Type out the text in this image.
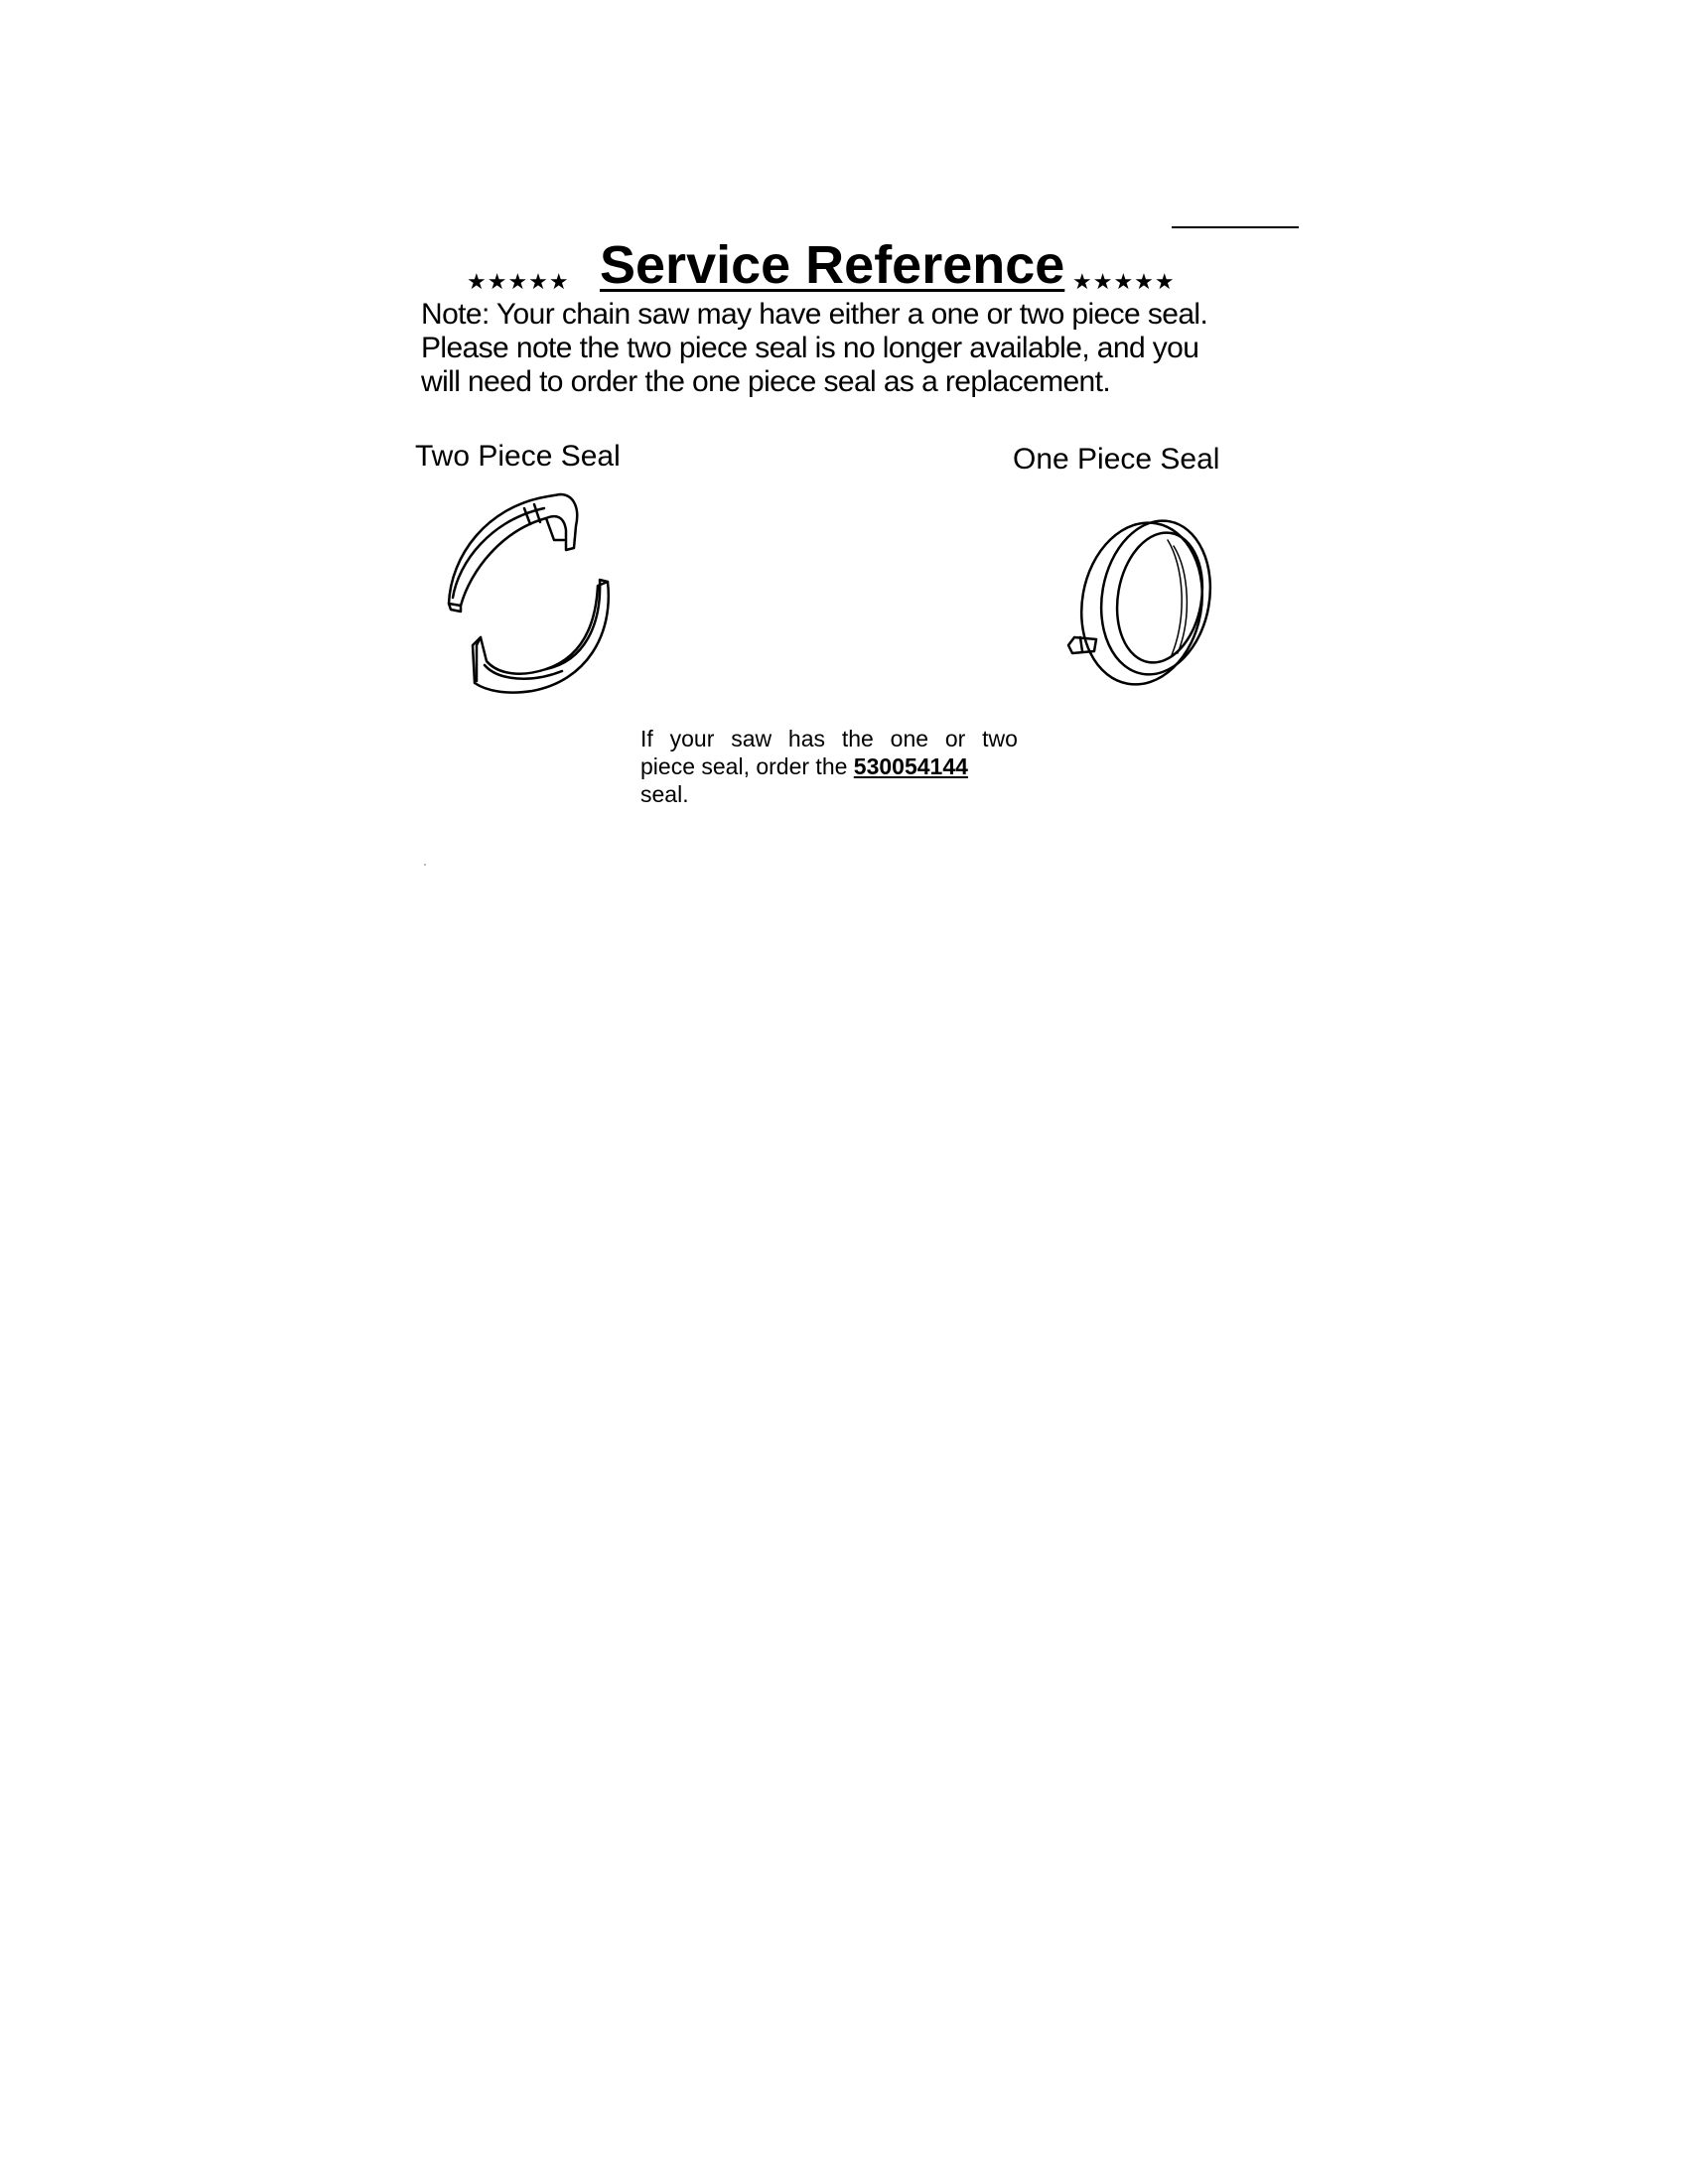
★★★★★ Service Reference ★★★★★

Note: Your chain saw may have either a one or two piece seal.

Please note the two piece seal is no longer available, and you

will need to order the one piece seal as a replacement.

Two Piece Seal	One Piece Seal
If your saw has the one or two
piece seal, order the 530054144
seal.
